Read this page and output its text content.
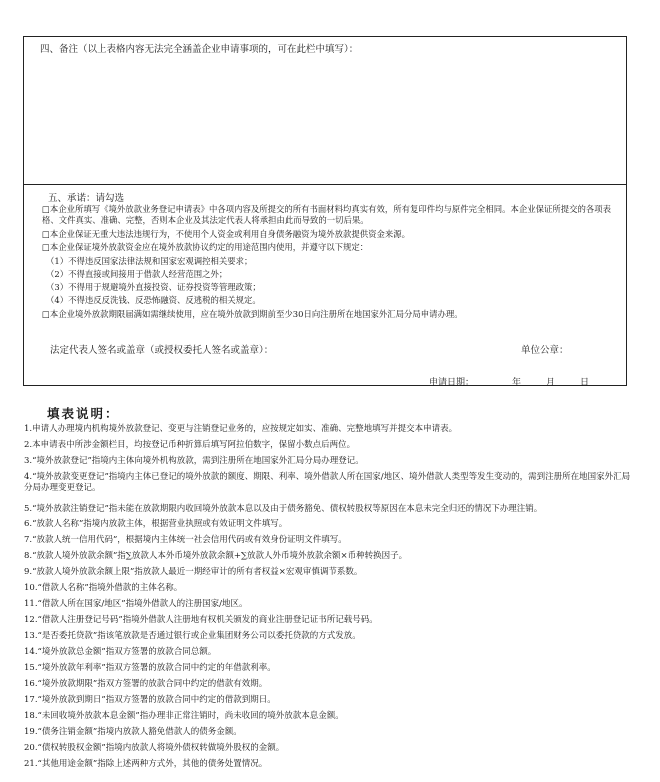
四、备注（以上表格内容无法完全涵盖企业申请事项的，可在此栏中填写）：
五、承诺：请勾选
□本企业所填写《境外放款业务登记申请表》中各项内容及所提交的所有书面材料均真实有效，所有复印件均与原件完全相同。本企业保证所提交的各项表格、文件真实、准确、完整，否则本企业及其法定代表人将承担由此而导致的一切后果。
□本企业保证无重大违法违规行为，不使用个人资金或利用自身债务融资为境外放款提供资金来源。
□本企业保证境外放款资金应在境外放款协议约定的用途范围内使用，并遵守以下规定：
（1）不得违反国家法律法规和国家宏观调控相关要求；
（2）不得直接或间接用于借款人经营范围之外；
（3）不得用于规避境外直接投资、证券投资等管理政策；
（4）不得违反反洗钱、反恐怖融资、反逃税的相关规定。
□本企业境外放款期限届满如需继续使用，应在境外放款到期前至少30日向注册所在地国家外汇局分局申请办理。
法定代表人签名或盖章（或授权委托人签名或盖章）：	单位公章：
申请日期：	年	月	日
填表说明：
1.申请人办理境内机构境外放款登记、变更与注销登记业务的，应按规定如实、准确、完整地填写并提交本申请表。
2.本申请表中所涉金额栏目，均按登记币种折算后填写阿拉伯数字，保留小数点后两位。
3.“境外放款登记”指境内主体向境外机构放款，需到注册所在地国家外汇局分局办理登记。
4.“境外放款变更登记”指境内主体已登记的境外放款的额度、期限、利率、境外借款人所在国家/地区、境外借款人类型等发生变动的，需到注册所在地国家外汇局分局办理变更登记。
5.“境外放款注销登记”指未能在放款期限内收回境外放款本息以及由于债务豁免、债权转股权等原因在本息未完全归还的情况下办理注销。
6.“放款人名称”指境内放款主体，根据营业执照或有效证明文件填写。
7.“放款人统一信用代码”，根据境内主体统一社会信用代码或有效身份证明文件填写。
8.“放款人境外放款余额”指∑放款人本外币境外放款余额+∑放款人外币境外放款余额×币种转换因子。
9.“放款人境外放款余额上限”指放款人最近一期经审计的所有者权益×宏观审慎调节系数。
10.“借款人名称”指境外借款的主体名称。
11.“借款人所在国家/地区”指境外借款人的注册国家/地区。
12.“借款人注册登记号码”指境外借款人注册地有权机关颁发的商业注册登记证书所记载号码。
13.“是否委托贷款”指该笔放款是否通过银行或企业集团财务公司以委托贷款的方式发放。
14.“境外放款总金额”指双方签署的放款合同总额。
15.“境外放款年利率”指双方签署的放款合同中约定的年借款利率。
16.“境外放款期限”指双方签署的放款合同中约定的借款有效期。
17.“境外放款到期日”指双方签署的放款合同中约定的借款到期日。
18.“未回收境外放款本息金额”指办理非正常注销时，尚未收回的境外放款本息金额。
19.“债务注销金额”指境内放款人豁免借款人的债务金额。
20.“债权转股权金额”指境内放款人将境外债权转做境外股权的金额。
21.“其他用途金额”指除上述两种方式外，其他的债务处置情况。
